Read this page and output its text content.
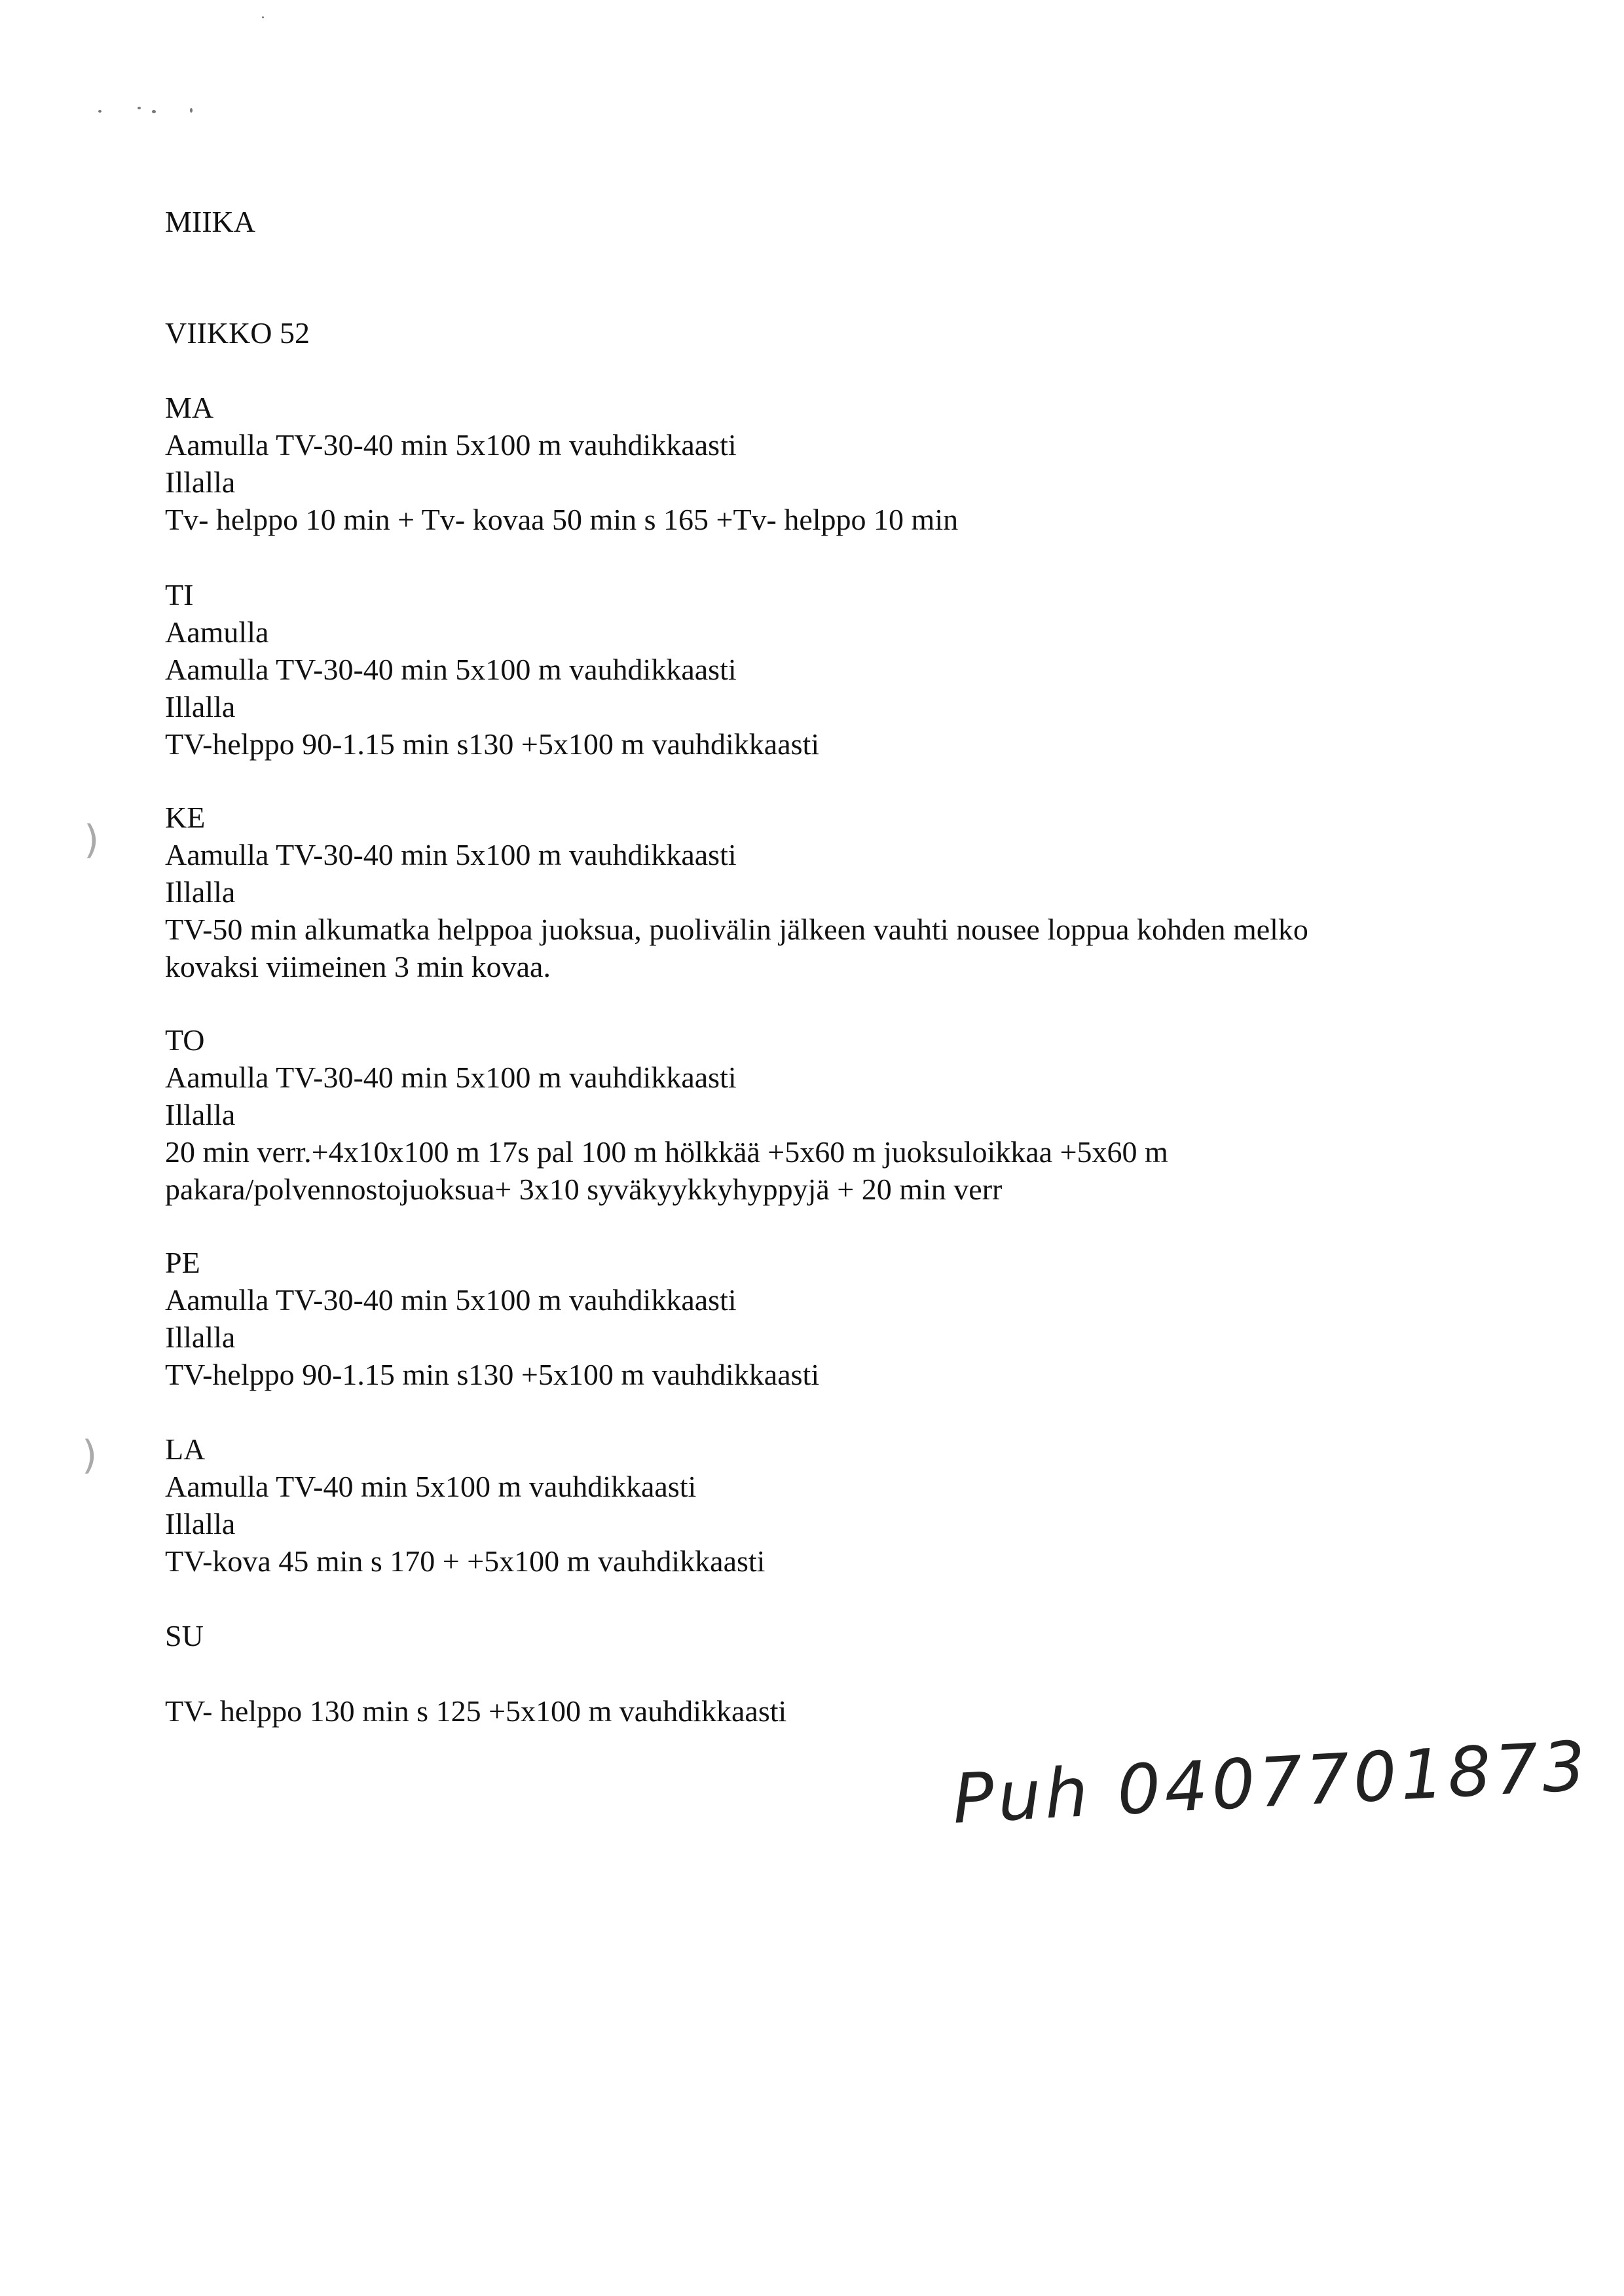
)
)
MIIKA
VIIKKO 52
MA
Aamulla TV-30-40 min 5x100 m vauhdikkaasti
Illalla
Tv- helppo 10 min + Tv- kovaa 50 min s 165 +Tv- helppo 10 min
TI
Aamulla
Aamulla TV-30-40 min 5x100 m vauhdikkaasti
Illalla
TV-helppo 90-1.15 min s130 +5x100 m vauhdikkaasti
KE
Aamulla TV-30-40 min 5x100 m vauhdikkaasti
Illalla
TV-50 min alkumatka helppoa juoksua, puolivälin jälkeen vauhti nousee loppua kohden melko
kovaksi viimeinen 3 min kovaa.
TO
Aamulla TV-30-40 min 5x100 m vauhdikkaasti
Illalla
20 min verr.+4x10x100 m 17s pal 100 m hölkkää +5x60 m juoksuloikkaa +5x60 m
pakara/polvennostojuoksua+ 3x10 syväkyykkyhyppyjä + 20 min verr
PE
Aamulla TV-30-40 min 5x100 m vauhdikkaasti
Illalla
TV-helppo 90-1.15 min s130 +5x100 m vauhdikkaasti
LA
Aamulla TV-40 min 5x100 m vauhdikkaasti
Illalla
TV-kova 45 min s 170 + +5x100 m vauhdikkaasti
SU
TV- helppo 130 min s 125 +5x100 m vauhdikkaasti
Puh 0407701873
